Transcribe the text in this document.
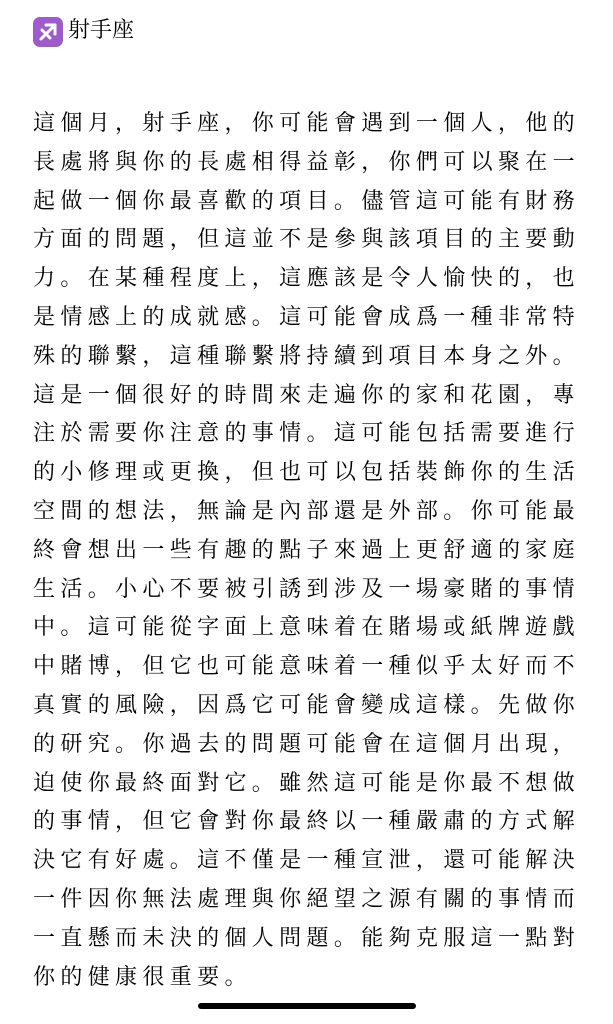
射手座
這個月，射手座，你可能會遇到一個人，他的
長處將與你的長處相得益彰，你們可以聚在一
起做一個你最喜歡的項目。儘管這可能有財務
方面的問題，但這並不是參與該項目的主要動
力。在某種程度上，這應該是令人愉快的，也
是情感上的成就感。這可能會成爲一種非常特
殊的聯繫，這種聯繫將持續到項目本身之外。
這是一個很好的時間來走遍你的家和花園，專
注於需要你注意的事情。這可能包括需要進行
的小修理或更換，但也可以包括裝飾你的生活
空間的想法，無論是內部還是外部。你可能最
終會想出一些有趣的點子來過上更舒適的家庭
生活。小心不要被引誘到涉及一場豪賭的事情
中。這可能從字面上意味着在賭場或紙牌遊戲
中賭博，但它也可能意味着一種似乎太好而不
真實的風險，因爲它可能會變成這樣。先做你
的研究。你過去的問題可能會在這個月出現，
迫使你最終面對它。雖然這可能是你最不想做
的事情，但它會對你最終以一種嚴肅的方式解
決它有好處。這不僅是一種宣泄，還可能解決
一件因你無法處理與你絕望之源有關的事情而
一直懸而未決的個人問題。能夠克服這一點對
你的健康很重要。
